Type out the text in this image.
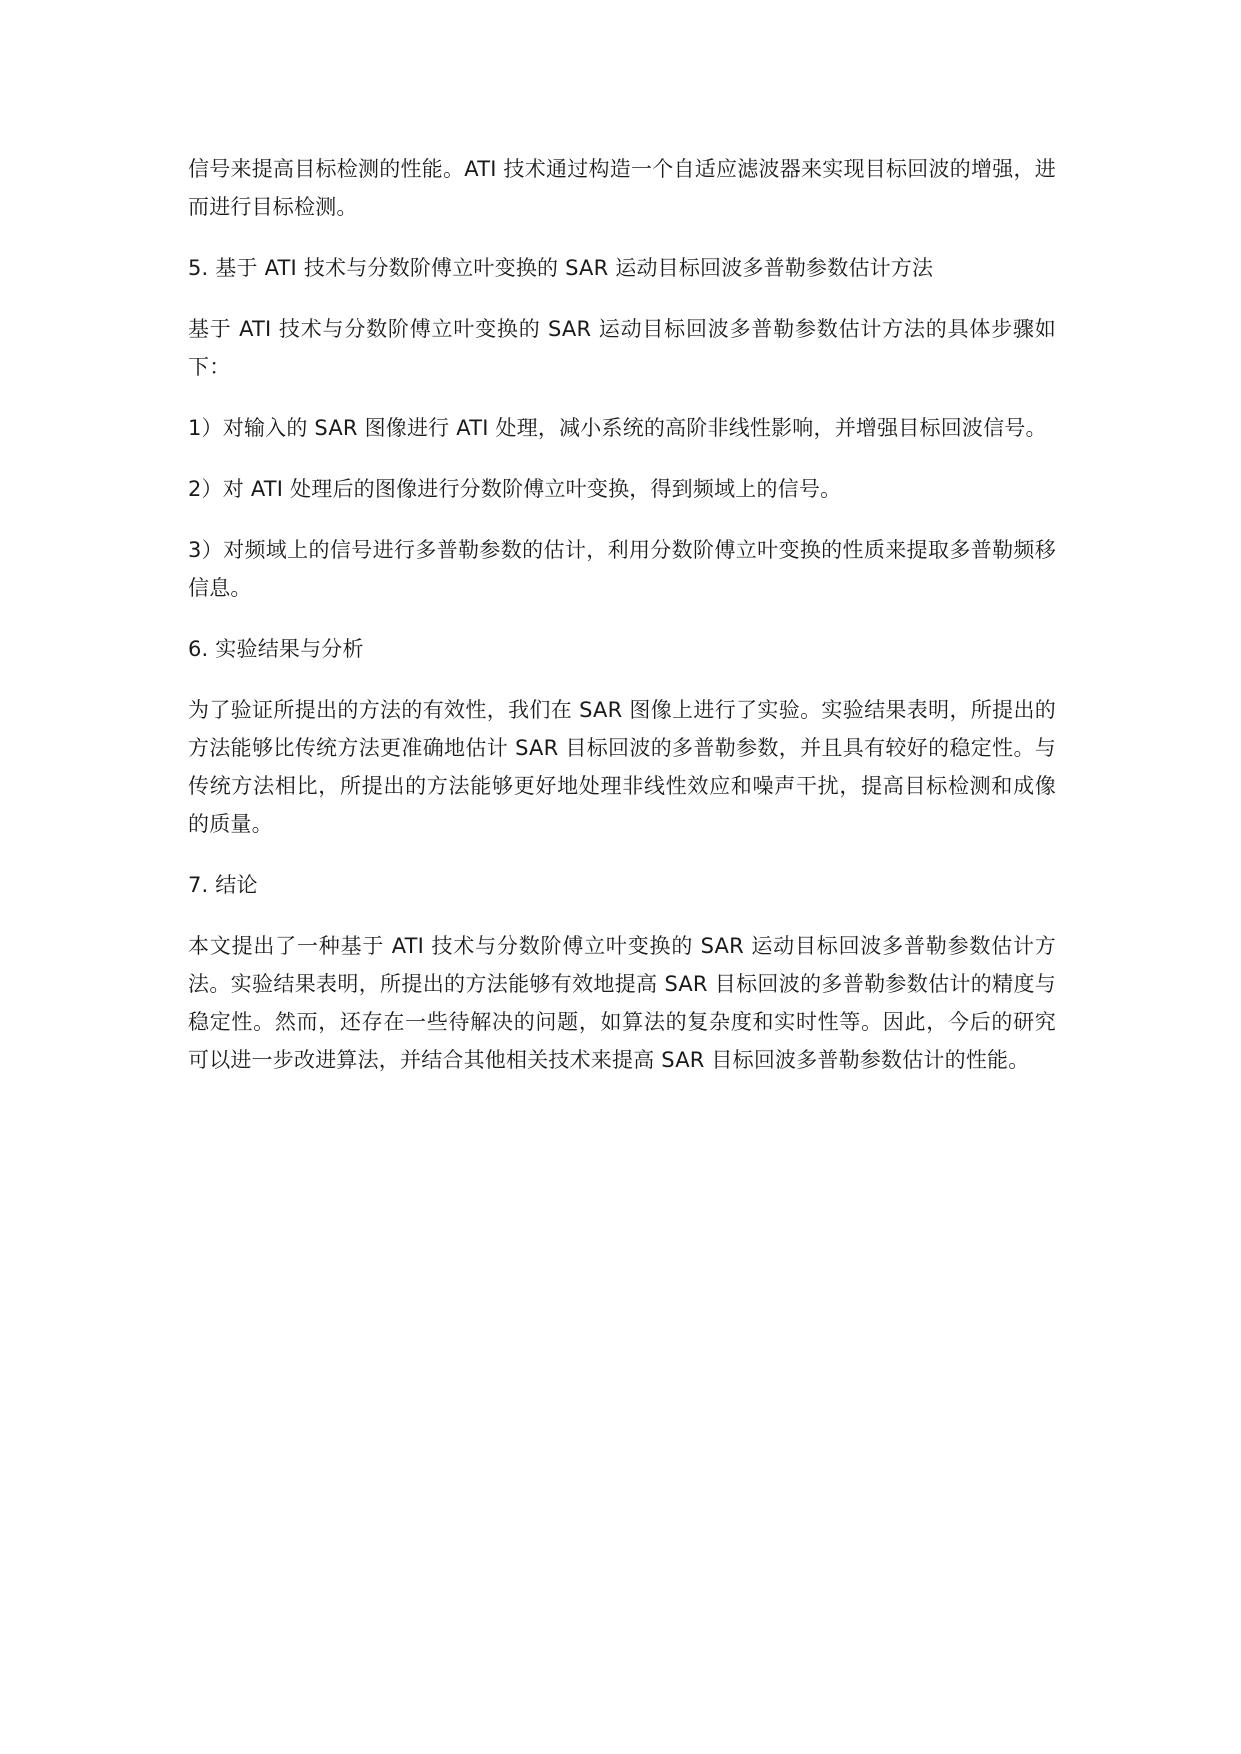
信号来提高目标检测的性能。ATI 技术通过构造一个自适应滤波器来实现目标回波的增强，进而进行目标检测。

5. 基于 ATI 技术与分数阶傅立叶变换的 SAR 运动目标回波多普勒参数估计方法

基于 ATI 技术与分数阶傅立叶变换的 SAR 运动目标回波多普勒参数估计方法的具体步骤如下：

1）对输入的 SAR 图像进行 ATI 处理，减小系统的高阶非线性影响，并增强目标回波信号。

2）对 ATI 处理后的图像进行分数阶傅立叶变换，得到频域上的信号。

3）对频域上的信号进行多普勒参数的估计，利用分数阶傅立叶变换的性质来提取多普勒频移信息。

6. 实验结果与分析

为了验证所提出的方法的有效性，我们在 SAR 图像上进行了实验。实验结果表明，所提出的方法能够比传统方法更准确地估计 SAR 目标回波的多普勒参数，并且具有较好的稳定性。与传统方法相比，所提出的方法能够更好地处理非线性效应和噪声干扰，提高目标检测和成像的质量。

7. 结论

本文提出了一种基于 ATI 技术与分数阶傅立叶变换的 SAR 运动目标回波多普勒参数估计方法。实验结果表明，所提出的方法能够有效地提高 SAR 目标回波的多普勒参数估计的精度与稳定性。然而，还存在一些待解决的问题，如算法的复杂度和实时性等。因此，今后的研究可以进一步改进算法，并结合其他相关技术来提高 SAR 目标回波多普勒参数估计的性能。
